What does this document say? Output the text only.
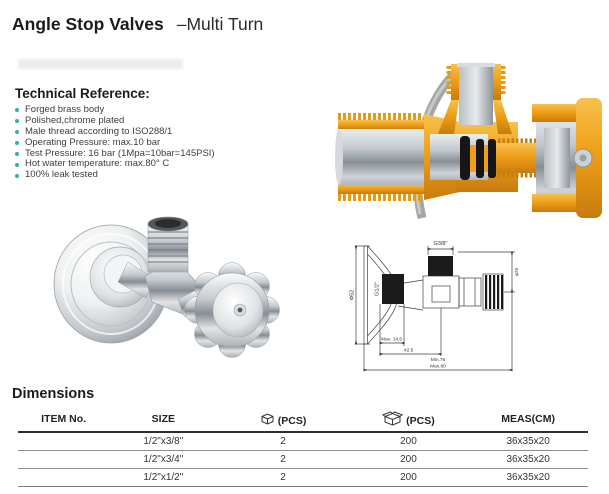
Angle Stop Valves –Multi Turn
Technical Reference:
Forged brass body
Polished,chrome plated
Male thread according to ISO288/1
Operating Pressure: max.10 bar
Test Pressure: 16 bar (1Mpa=10bar=145PSI)
Hot water temperature: max.80° C
100% leak tested
G3/8"
Φ52	G1/2"
φ29
Max. 14.5
42.5
Min.75
Max.80
Dimensions
ITEM No.	SIZE	(PCS)	(PCS)	MEAS(CM)
	1/2"x3/8"	2	200	36x35x20
	1/2"x3/4"	2	200	36x35x20
	1/2"x1/2"	2	200	36x35x20
